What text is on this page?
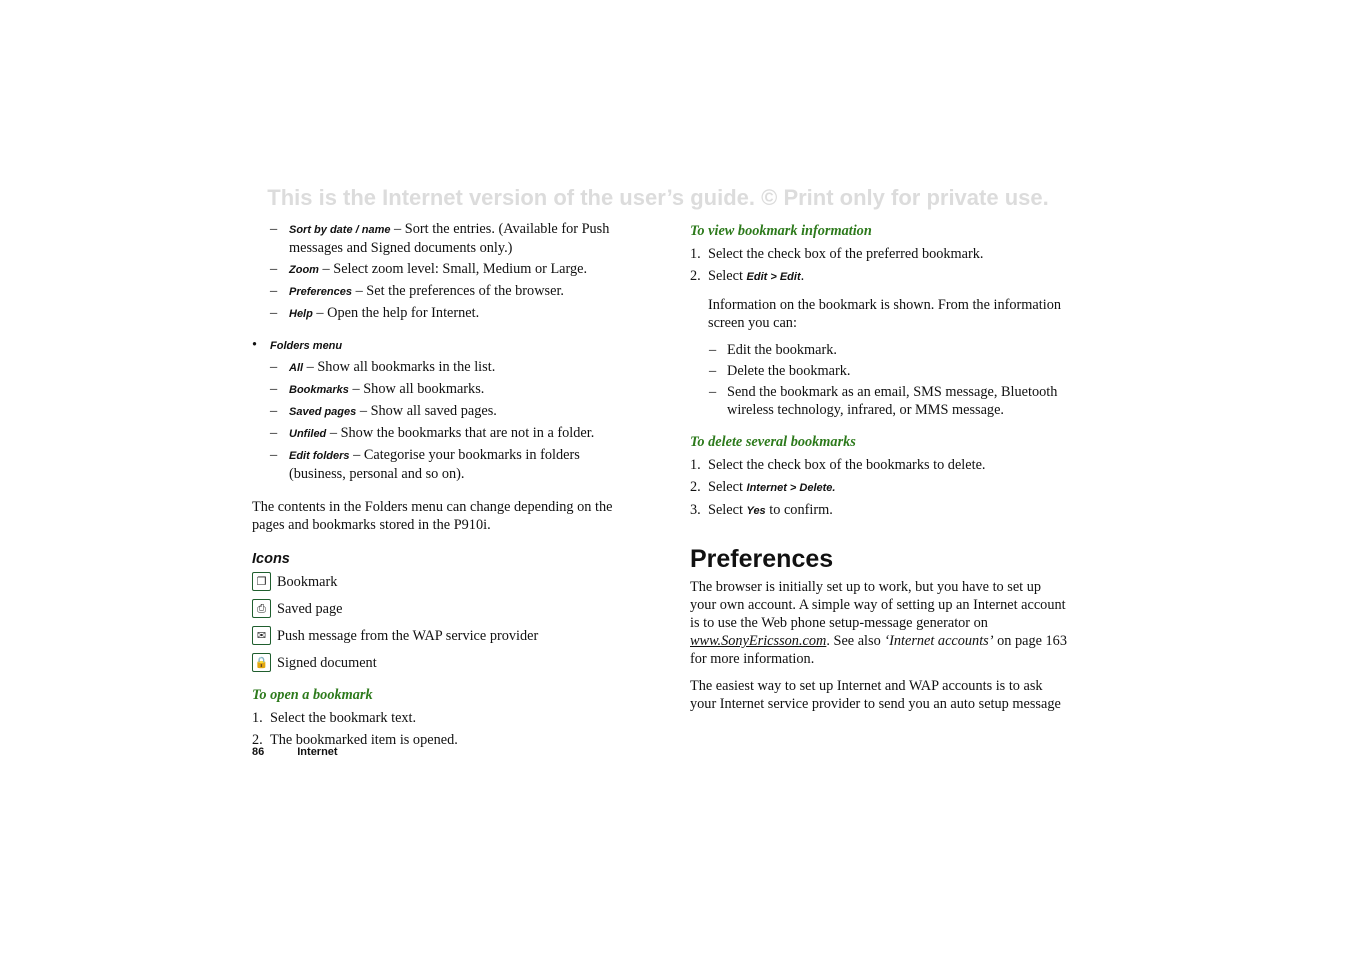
This is the Internet version of the user’s guide. © Print only for private use.
– Sort by date / name – Sort the entries. (Available for Push messages and Signed documents only.)
– Zoom – Select zoom level: Small, Medium or Large.
– Preferences – Set the preferences of the browser.
– Help – Open the help for Internet.
• Folders menu
– All – Show all bookmarks in the list.
– Bookmarks – Show all bookmarks.
– Saved pages – Show all saved pages.
– Unfiled – Show the bookmarks that are not in a folder.
– Edit folders – Categorise your bookmarks in folders (business, personal and so on).

The contents in the Folders menu can change depending on the pages and bookmarks stored in the P910i.

Icons
❐ Bookmark
⎙ Saved page
✉ Push message from the WAP service provider
🔒 Signed document
To open a bookmark
1. Select the bookmark text.
2. The bookmarked item is opened.
To view bookmark information
1. Select the check box of the preferred bookmark.
2. Select Edit > Edit.

Information on the bookmark is shown. From the information screen you can:

– Edit the bookmark.
– Delete the bookmark.
– Send the bookmark as an email, SMS message, Bluetooth wireless technology, infrared, or MMS message.
To delete several bookmarks
1. Select the check box of the bookmarks to delete.
2. Select Internet > Delete.
3. Select Yes to confirm.
Preferences

The browser is initially set up to work, but you have to set up your own account. A simple way of setting up an Internet account is to use the Web phone setup-message generator on www.SonyEricsson.com. See also ‘Internet accounts’ on page 163 for more information.

The easiest way to set up Internet and WAP accounts is to ask your Internet service provider to send you an auto setup message

86	Internet
